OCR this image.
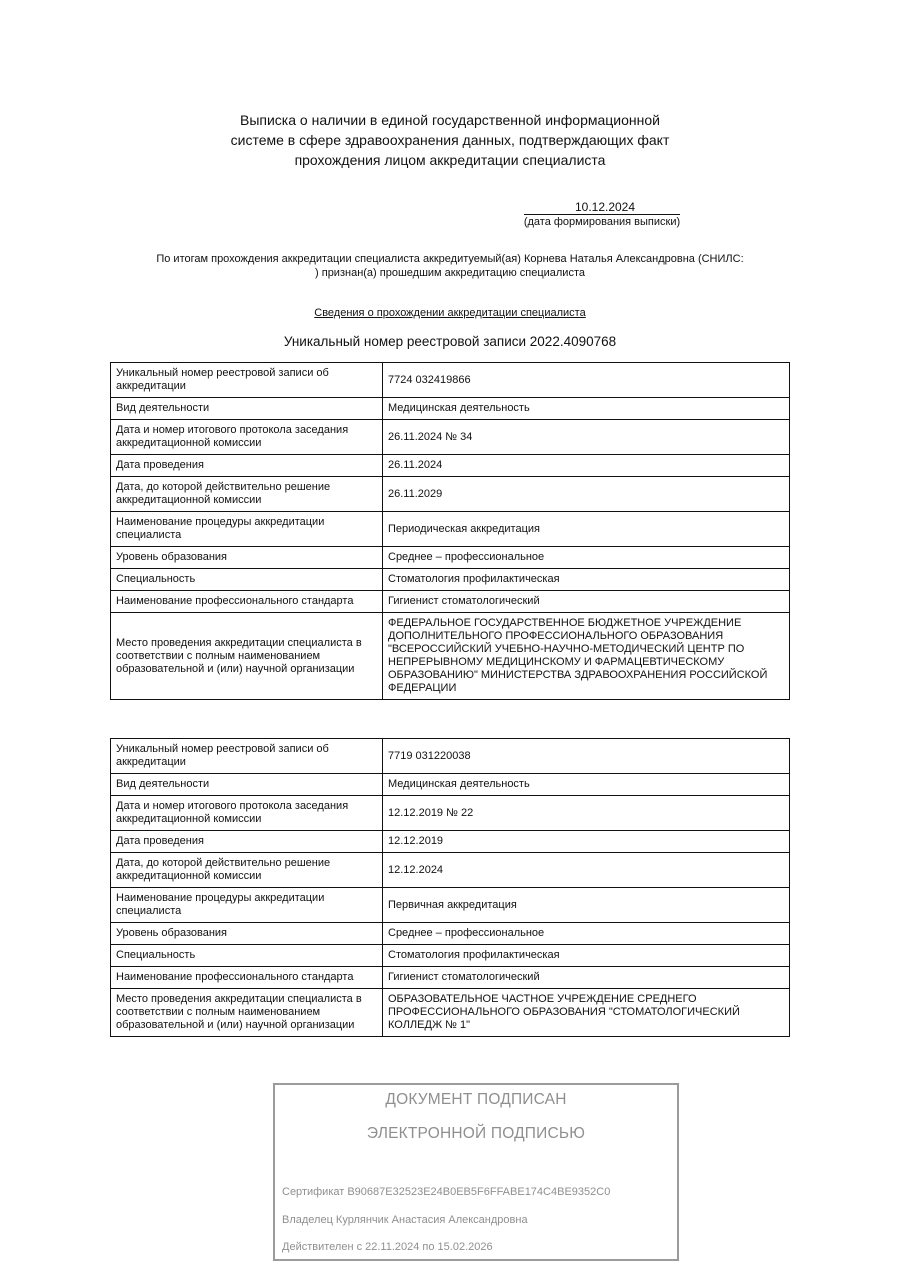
Выписка о наличии в единой государственной информационной
системе в сфере здравоохранения данных, подтверждающих факт
прохождения лицом аккредитации специалиста
10.12.2024
(дата формирования выписки)
По итогам прохождения аккредитации специалиста аккредитуемый(ая) Корнева Наталья Александровна (СНИЛС:
) признан(а) прошедшим аккредитацию специалиста
Сведения о прохождении аккредитации специалиста
Уникальный номер реестровой записи 2022.4090768
Уникальный номер реестровой записи об аккредитации	7724 032419866
Вид деятельности	Медицинская деятельность
Дата и номер итогового протокола заседания аккредитационной комиссии	26.11.2024 № 34
Дата проведения	26.11.2024
Дата, до которой действительно решение аккредитационной комиссии	26.11.2029
Наименование процедуры аккредитации специалиста	Периодическая аккредитация
Уровень образования	Среднее – профессиональное
Специальность	Стоматология профилактическая
Наименование профессионального стандарта	Гигиенист стоматологический
Место проведения аккредитации специалиста в соответствии с полным наименованием образовательной и (или) научной организации	ФЕДЕРАЛЬНОЕ ГОСУДАРСТВЕННОЕ БЮДЖЕТНОЕ УЧРЕЖДЕНИЕ ДОПОЛНИТЕЛЬНОГО ПРОФЕССИОНАЛЬНОГО ОБРАЗОВАНИЯ "ВСЕРОССИЙСКИЙ УЧЕБНО-НАУЧНО-МЕТОДИЧЕСКИЙ ЦЕНТР ПО НЕПРЕРЫВНОМУ МЕДИЦИНСКОМУ И ФАРМАЦЕВТИЧЕСКОМУ ОБРАЗОВАНИЮ" МИНИСТЕРСТВА ЗДРАВООХРАНЕНИЯ РОССИЙСКОЙ ФЕДЕРАЦИИ
Уникальный номер реестровой записи об аккредитации	7719 031220038
Вид деятельности	Медицинская деятельность
Дата и номер итогового протокола заседания аккредитационной комиссии	12.12.2019 № 22
Дата проведения	12.12.2019
Дата, до которой действительно решение аккредитационной комиссии	12.12.2024
Наименование процедуры аккредитации специалиста	Первичная аккредитация
Уровень образования	Среднее – профессиональное
Специальность	Стоматология профилактическая
Наименование профессионального стандарта	Гигиенист стоматологический
Место проведения аккредитации специалиста в соответствии с полным наименованием образовательной и (или) научной организации	ОБРАЗОВАТЕЛЬНОЕ ЧАСТНОЕ УЧРЕЖДЕНИЕ СРЕДНЕГО ПРОФЕССИОНАЛЬНОГО ОБРАЗОВАНИЯ "СТОМАТОЛОГИЧЕСКИЙ КОЛЛЕДЖ № 1"
ДОКУМЕНТ ПОДПИСАН
ЭЛЕКТРОННОЙ ПОДПИСЬЮ
Сертификат B90687E32523E24B0EB5F6FFABE174C4BE9352C0
Владелец Курлянчик Анастасия Александровна
Действителен с 22.11.2024 по 15.02.2026
